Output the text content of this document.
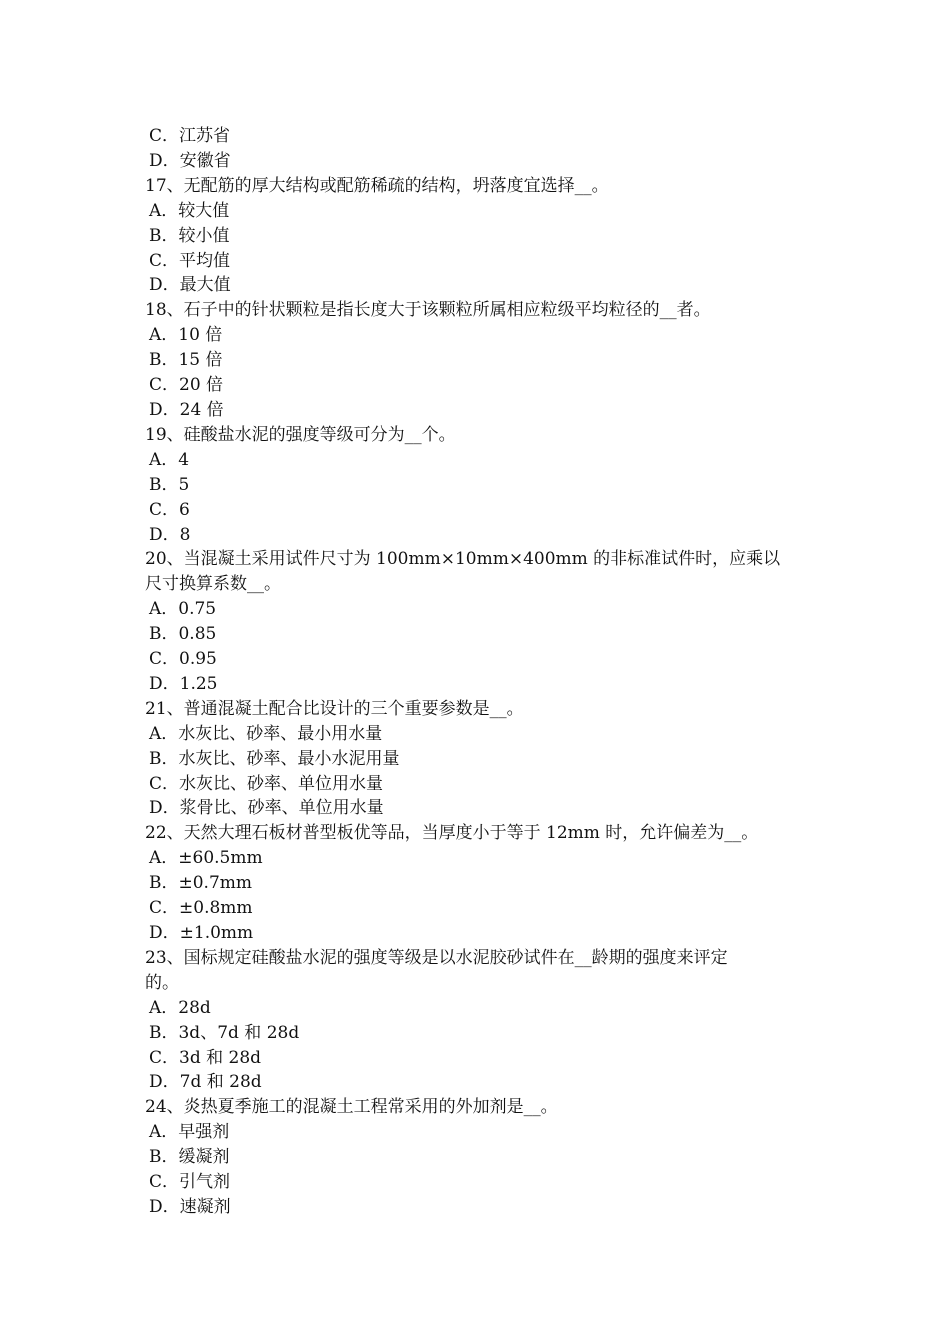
C．江苏省
D．安徽省
17、无配筋的厚大结构或配筋稀疏的结构，坍落度宜选择__。
A．较大值
B．较小值
C．平均值
D．最大值
18、石子中的针状颗粒是指长度大于该颗粒所属相应粒级平均粒径的__者。
A．10 倍
B．15 倍
C．20 倍
D．24 倍
19、硅酸盐水泥的强度等级可分为__个。
A．4
B．5
C．6
D．8
20、当混凝土采用试件尺寸为 100mm×10mm×400mm 的非标准试件时，应乘以
尺寸换算系数__。
A．0.75
B．0.85
C．0.95
D．1.25
21、普通混凝土配合比设计的三个重要参数是__。
A．水灰比、砂率、最小用水量
B．水灰比、砂率、最小水泥用量
C．水灰比、砂率、单位用水量
D．浆骨比、砂率、单位用水量
22、天然大理石板材普型板优等品，当厚度小于等于 12mm 时，允许偏差为__。
A．±60.5mm
B．±0.7mm
C．±0.8mm
D．±1.0mm
23、国标规定硅酸盐水泥的强度等级是以水泥胶砂试件在__龄期的强度来评定
的。
A．28d
B．3d、7d 和 28d
C．3d 和 28d
D．7d 和 28d
24、炎热夏季施工的混凝土工程常采用的外加剂是__。
A．早强剂
B．缓凝剂
C．引气剂
D．速凝剂
